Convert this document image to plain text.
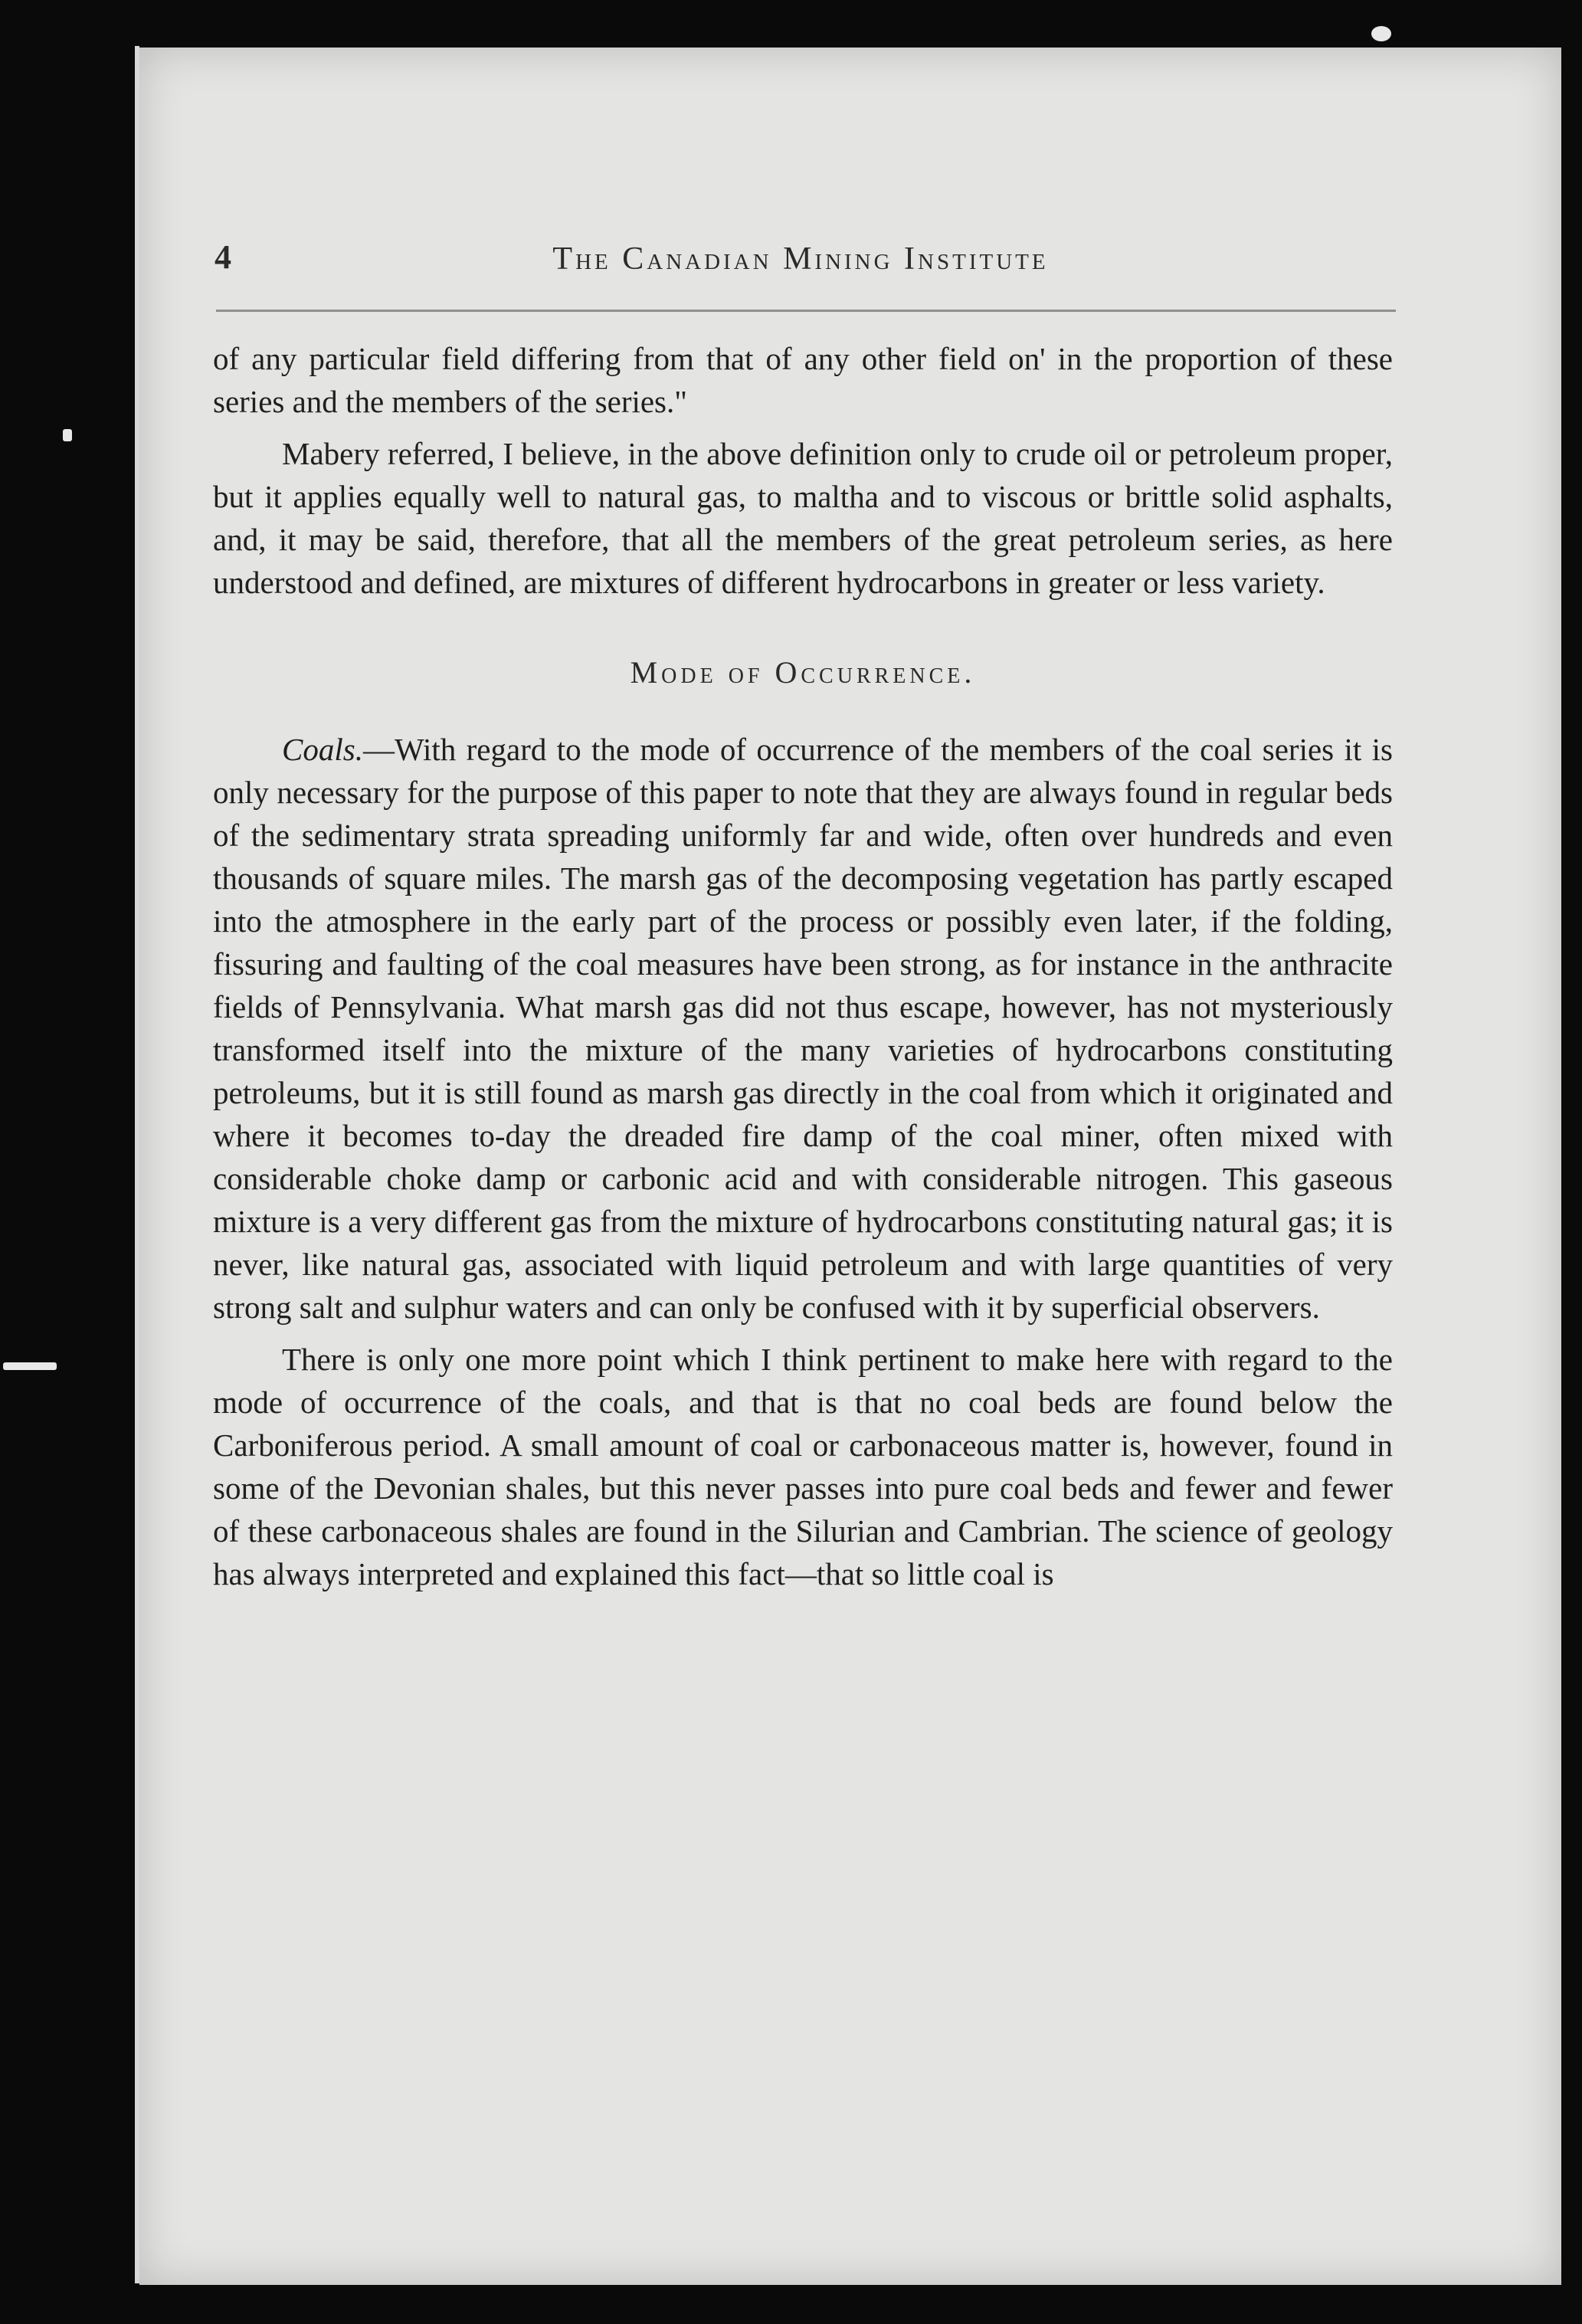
4	The Canadian Mining Institute

of any particular field differing from that of any other field on' in the proportion of these series and the members of the series."

Mabery referred, I believe, in the above definition only to crude oil or petroleum proper, but it applies equally well to natural gas, to maltha and to viscous or brittle solid asphalts, and, it may be said, therefore, that all the members of the great petroleum series, as here understood and defined, are mixtures of different hydrocarbons in greater or less variety.

Mode of Occurrence.

Coals.—With regard to the mode of occurrence of the members of the coal series it is only necessary for the purpose of this paper to note that they are always found in regular beds of the sedimentary strata spreading uniformly far and wide, often over hundreds and even thousands of square miles. The marsh gas of the decomposing vegetation has partly escaped into the atmosphere in the early part of the process or possibly even later, if the folding, fissuring and faulting of the coal measures have been strong, as for instance in the anthracite fields of Pennsylvania. What marsh gas did not thus escape, however, has not mysteriously transformed itself into the mixture of the many varieties of hydrocarbons constituting petroleums, but it is still found as marsh gas directly in the coal from which it originated and where it becomes to-day the dreaded fire damp of the coal miner, often mixed with considerable choke damp or carbonic acid and with considerable nitrogen. This gaseous mixture is a very different gas from the mixture of hydrocarbons constituting natural gas; it is never, like natural gas, associated with liquid petroleum and with large quantities of very strong salt and sulphur waters and can only be confused with it by superficial observers.

There is only one more point which I think pertinent to make here with regard to the mode of occurrence of the coals, and that is that no coal beds are found below the Carboniferous period. A small amount of coal or carbonaceous matter is, however, found in some of the Devonian shales, but this never passes into pure coal beds and fewer and fewer of these carbonaceous shales are found in the Silurian and Cambrian. The science of geology has always interpreted and explained this fact—that so little coal is
